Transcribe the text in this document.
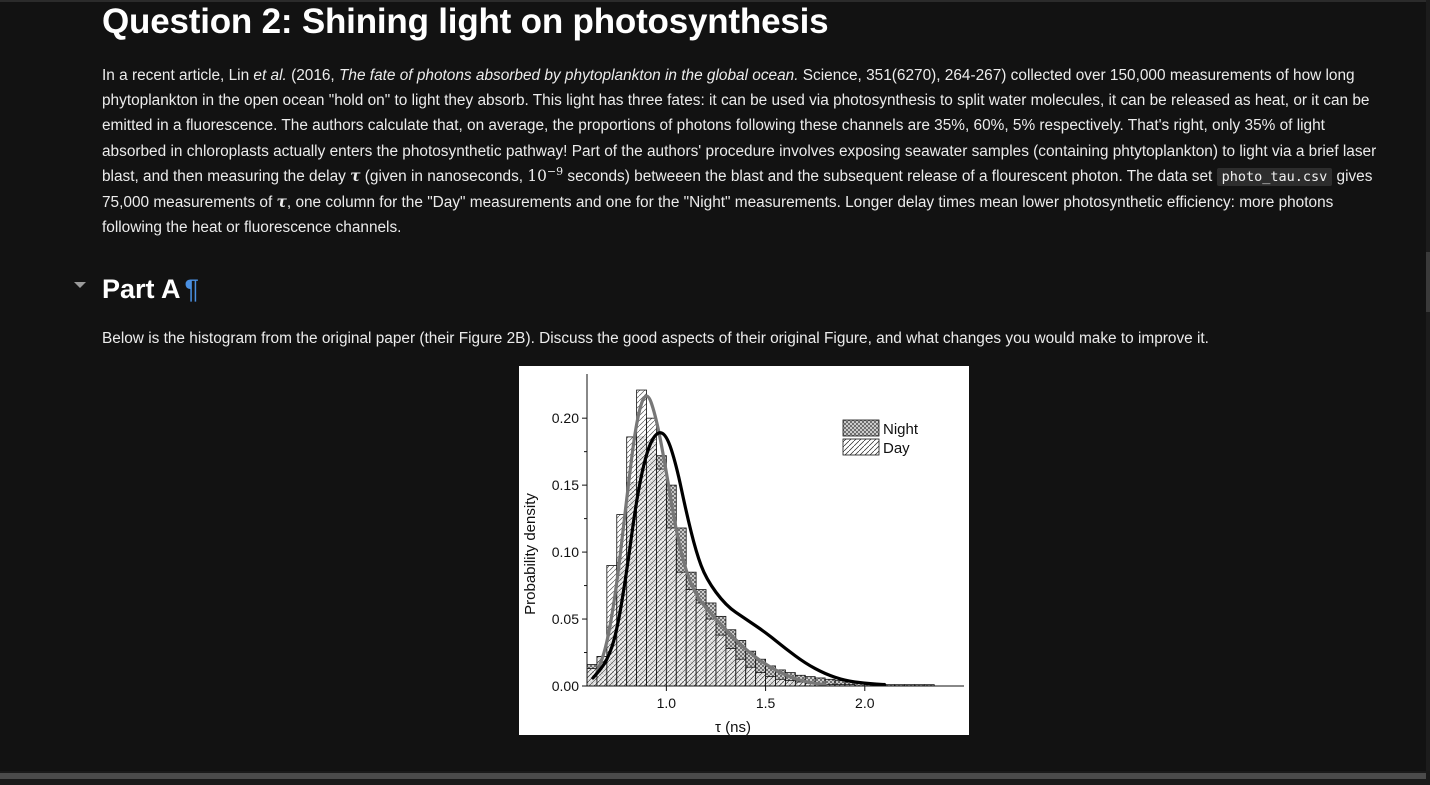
Question 2: Shining light on photosynthesis

In a recent article, Lin et al. (2016, The fate of photons absorbed by phytoplankton in the global ocean. Science, 351(6270), 264-267) collected over 150,000 measurements of how long phytoplankton in the open ocean "hold on" to light they absorb. This light has three fates: it can be used via photosynthesis to split water molecules, it can be released as heat, or it can be emitted in a fluorescence. The authors calculate that, on average, the proportions of photons following these channels are 35%, 60%, 5% respectively. That's right, only 35% of light absorbed in chloroplasts actually enters the photosynthetic pathway! Part of the authors' procedure involves exposing seawater samples (containing phtytoplankton) to light via a brief laser blast, and then measuring the delay τ (given in nanoseconds, $10^{-9}$ seconds) betweeen the blast and the subsequent release of a flourescent photon. The data set photo_tau.csv gives 75,000 measurements of τ, one column for the "Day" measurements and one for the "Night" measurements. Longer delay times mean lower photosynthetic efficiency: more photons following the heat or fluorescence channels.

Part A ¶

Below is the histogram from the original paper (their Figure 2B). Discuss the good aspects of their original Figure, and what changes you would make to improve it.

0.00
0.05
0.10
0.15
0.20
1.0	1.5	2.0
Night
Day
τ (ns)
Probability density
